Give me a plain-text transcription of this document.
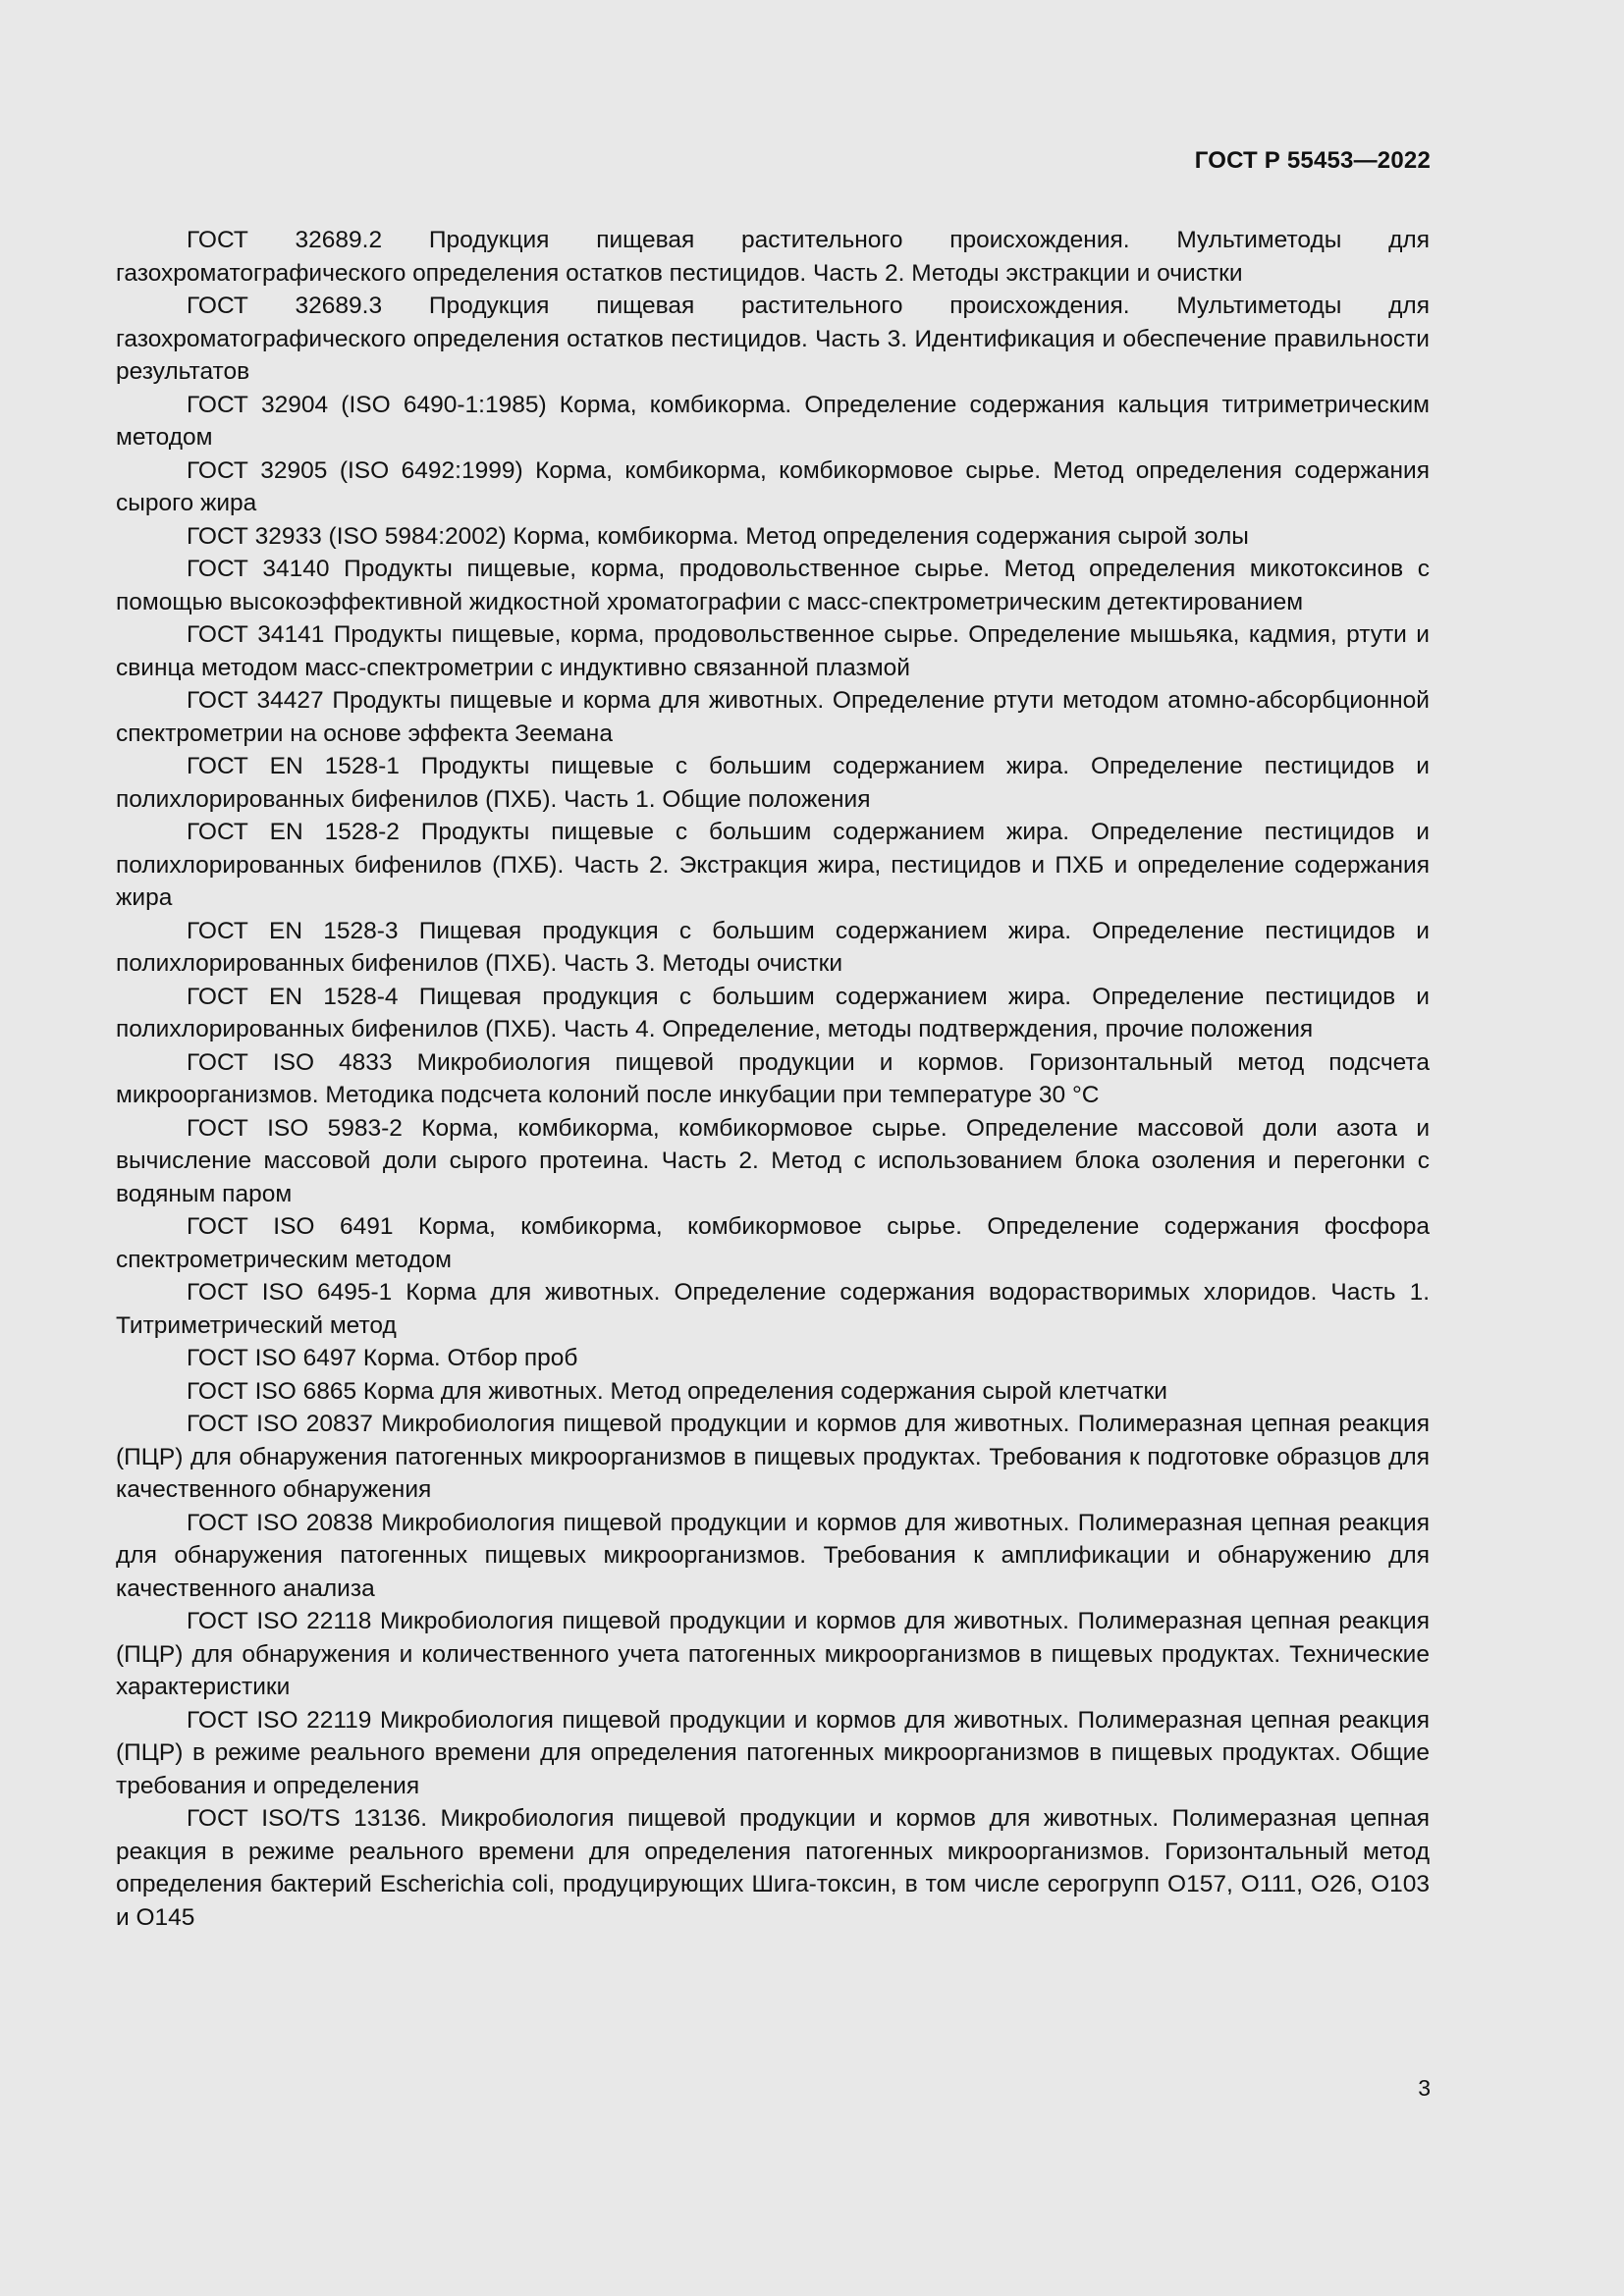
ГОСТ Р 55453—2022

ГОСТ 32689.2 Продукция пищевая растительного происхождения. Мультиметоды для газохроматографического определения остатков пестицидов. Часть 2. Методы экстракции и очистки

ГОСТ 32689.3 Продукция пищевая растительного происхождения. Мультиметоды для газохроматографического определения остатков пестицидов. Часть 3. Идентификация и обеспечение правильности результатов

ГОСТ 32904 (ISO 6490-1:1985) Корма, комбикорма. Определение содержания кальция титриметрическим методом

ГОСТ 32905 (ISO 6492:1999) Корма, комбикорма, комбикормовое сырье. Метод определения содержания сырого жира

ГОСТ 32933 (ISO 5984:2002) Корма, комбикорма. Метод определения содержания сырой золы

ГОСТ 34140 Продукты пищевые, корма, продовольственное сырье. Метод определения микотоксинов с помощью высокоэффективной жидкостной хроматографии с масс-спектрометрическим детектированием

ГОСТ 34141 Продукты пищевые, корма, продовольственное сырье. Определение мышьяка, кадмия, ртути и свинца методом масс-спектрометрии с индуктивно связанной плазмой

ГОСТ 34427 Продукты пищевые и корма для животных. Определение ртути методом атомно-абсорбционной спектрометрии на основе эффекта Зеемана

ГОСТ EN 1528-1 Продукты пищевые с большим содержанием жира. Определение пестицидов и полихлорированных бифенилов (ПХБ). Часть 1. Общие положения

ГОСТ EN 1528-2 Продукты пищевые с большим содержанием жира. Определение пестицидов и полихлорированных бифенилов (ПХБ). Часть 2. Экстракция жира, пестицидов и ПХБ и определение содержания жира

ГОСТ EN 1528-3 Пищевая продукция с большим содержанием жира. Определение пестицидов и полихлорированных бифенилов (ПХБ). Часть 3. Методы очистки

ГОСТ EN 1528-4 Пищевая продукция с большим содержанием жира. Определение пестицидов и полихлорированных бифенилов (ПХБ). Часть 4. Определение, методы подтверждения, прочие положения

ГОСТ ISO 4833 Микробиология пищевой продукции и кормов. Горизонтальный метод подсчета микроорганизмов. Методика подсчета колоний после инкубации при температуре 30 °С

ГОСТ ISO 5983-2 Корма, комбикорма, комбикормовое сырье. Определение массовой доли азота и вычисление массовой доли сырого протеина. Часть 2. Метод с использованием блока озоления и перегонки с водяным паром

ГОСТ ISO 6491 Корма, комбикорма, комбикормовое сырье. Определение содержания фосфора спектрометрическим методом

ГОСТ ISO 6495-1 Корма для животных. Определение содержания водорастворимых хлоридов. Часть 1. Титриметрический метод

ГОСТ ISO 6497 Корма. Отбор проб

ГОСТ ISO 6865 Корма для животных. Метод определения содержания сырой клетчатки

ГОСТ ISO 20837 Микробиология пищевой продукции и кормов для животных. Полимеразная цепная реакция (ПЦР) для обнаружения патогенных микроорганизмов в пищевых продуктах. Требования к подготовке образцов для качественного обнаружения

ГОСТ ISO 20838 Микробиология пищевой продукции и кормов для животных. Полимеразная цепная реакция для обнаружения патогенных пищевых микроорганизмов. Требования к амплификации и обнаружению для качественного анализа

ГОСТ ISO 22118 Микробиология пищевой продукции и кормов для животных. Полимеразная цепная реакция (ПЦР) для обнаружения и количественного учета патогенных микроорганизмов в пищевых продуктах. Технические характеристики

ГОСТ ISO 22119 Микробиология пищевой продукции и кормов для животных. Полимеразная цепная реакция (ПЦР) в режиме реального времени для определения патогенных микроорганизмов в пищевых продуктах. Общие требования и определения

ГОСТ ISO/TS 13136. Микробиология пищевой продукции и кормов для животных. Полимеразная цепная реакция в режиме реального времени для определения патогенных микроорганизмов. Горизонтальный метод определения бактерий Escherichia coli, продуцирующих Шига-токсин, в том числе серогрупп O157, O111, O26, O103 и O145

3
